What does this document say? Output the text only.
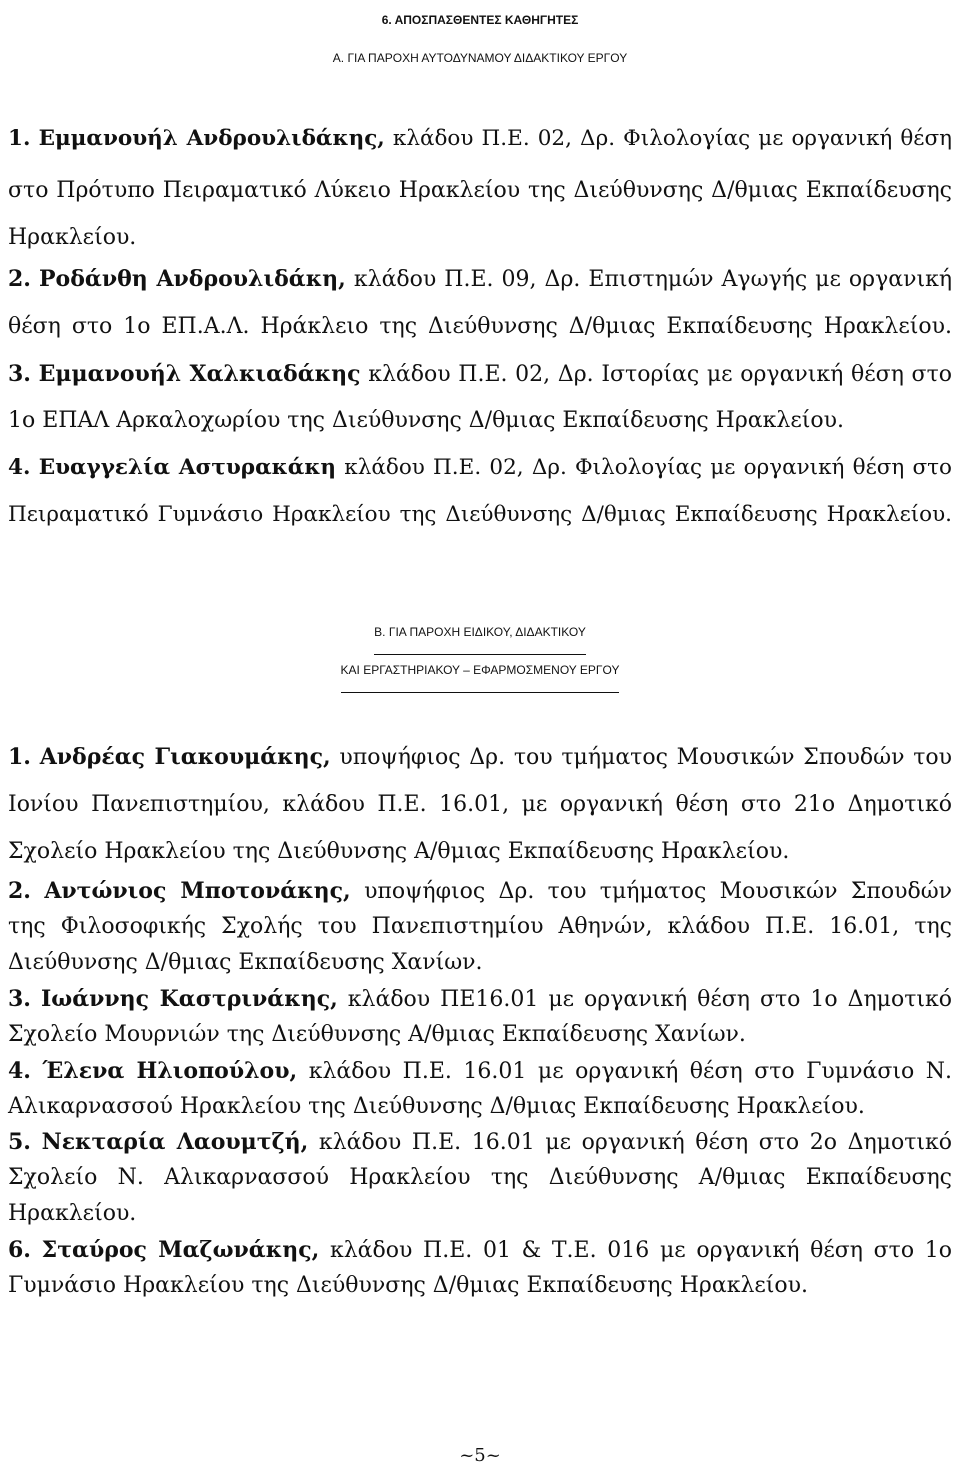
6. ΑΠΟΣΠΑΣΘΕΝΤΕΣ ΚΑΘΗΓΗΤΕΣ
Α. ΓΙΑ ΠΑΡΟΧΗ ΑΥΤΟΔΥΝΑΜΟΥ ΔΙΔΑΚΤΙΚΟΥ ΕΡΓΟΥ

1. Εμμανουήλ Ανδρουλιδάκης, κλάδου Π.Ε. 02, Δρ. Φιλολογίας με οργανική θέση

στο Πρότυπο Πειραματικό Λύκειο Ηρακλείου της Διεύθυνσης Δ/θμιας Εκπαίδευσης

Ηρακλείου.

2. Ροδάνθη Ανδρουλιδάκη, κλάδου Π.Ε. 09, Δρ. Επιστημών Αγωγής με οργανική

θέση στο 1ο ΕΠ.Α.Λ. Ηράκλειο της Διεύθυνσης Δ/θμιας Εκπαίδευσης Ηρακλείου.

3. Εμμανουήλ Χαλκιαδάκης κλάδου Π.Ε. 02, Δρ. Ιστορίας με οργανική θέση στο

1ο ΕΠΑΛ Αρκαλοχωρίου της Διεύθυνσης Δ/θμιας Εκπαίδευσης Ηρακλείου.

4. Ευαγγελία Αστυρακάκη κλάδου Π.Ε. 02, Δρ. Φιλολογίας με οργανική θέση στο

Πειραματικό Γυμνάσιο Ηρακλείου της Διεύθυνσης Δ/θμιας Εκπαίδευσης Ηρακλείου.

Β. ΓΙΑ ΠΑΡΟΧΗ ΕΙΔΙΚΟΥ, ΔΙΔΑΚΤΙΚΟΥ
ΚΑΙ ΕΡΓΑΣΤΗΡΙΑΚΟΥ – ΕΦΑΡΜΟΣΜΕΝΟΥ ΕΡΓΟΥ

1. Ανδρέας Γιακουμάκης, υποψήφιος Δρ. του τμήματος Μουσικών Σπουδών του

Ιονίου Πανεπιστημίου, κλάδου Π.Ε. 16.01, με οργανική θέση στο 21ο Δημοτικό

Σχολείο Ηρακλείου της Διεύθυνσης Α/θμιας Εκπαίδευσης Ηρακλείου.

2. Αντώνιος Μποτονάκης, υποψήφιος Δρ. του τμήματος Μουσικών Σπουδών

της Φιλοσοφικής Σχολής του Πανεπιστημίου Αθηνών, κλάδου Π.Ε. 16.01, της

Διεύθυνσης Δ/θμιας Εκπαίδευσης Χανίων.

3. Ιωάννης Καστρινάκης, κλάδου ΠΕ16.01 με οργανική θέση στο 1ο Δημοτικό

Σχολείο Μουρνιών της Διεύθυνσης Α/θμιας Εκπαίδευσης Χανίων.

4. Έλενα Ηλιοπούλου, κλάδου Π.Ε. 16.01 με οργανική θέση στο Γυμνάσιο Ν.

Αλικαρνασσού Ηρακλείου της Διεύθυνσης Δ/θμιας Εκπαίδευσης Ηρακλείου.

5. Νεκταρία Λαουμτζή, κλάδου Π.Ε. 16.01 με οργανική θέση στο 2ο Δημοτικό

Σχολείο Ν. Αλικαρνασσού Ηρακλείου της Διεύθυνσης Α/θμιας Εκπαίδευσης

Ηρακλείου.

6. Σταύρος Μαζωνάκης, κλάδου Π.Ε. 01 & Τ.Ε. 016 με οργανική θέση στο 1ο

Γυμνάσιο Ηρακλείου της Διεύθυνσης Δ/θμιας Εκπαίδευσης Ηρακλείου.

~5~
